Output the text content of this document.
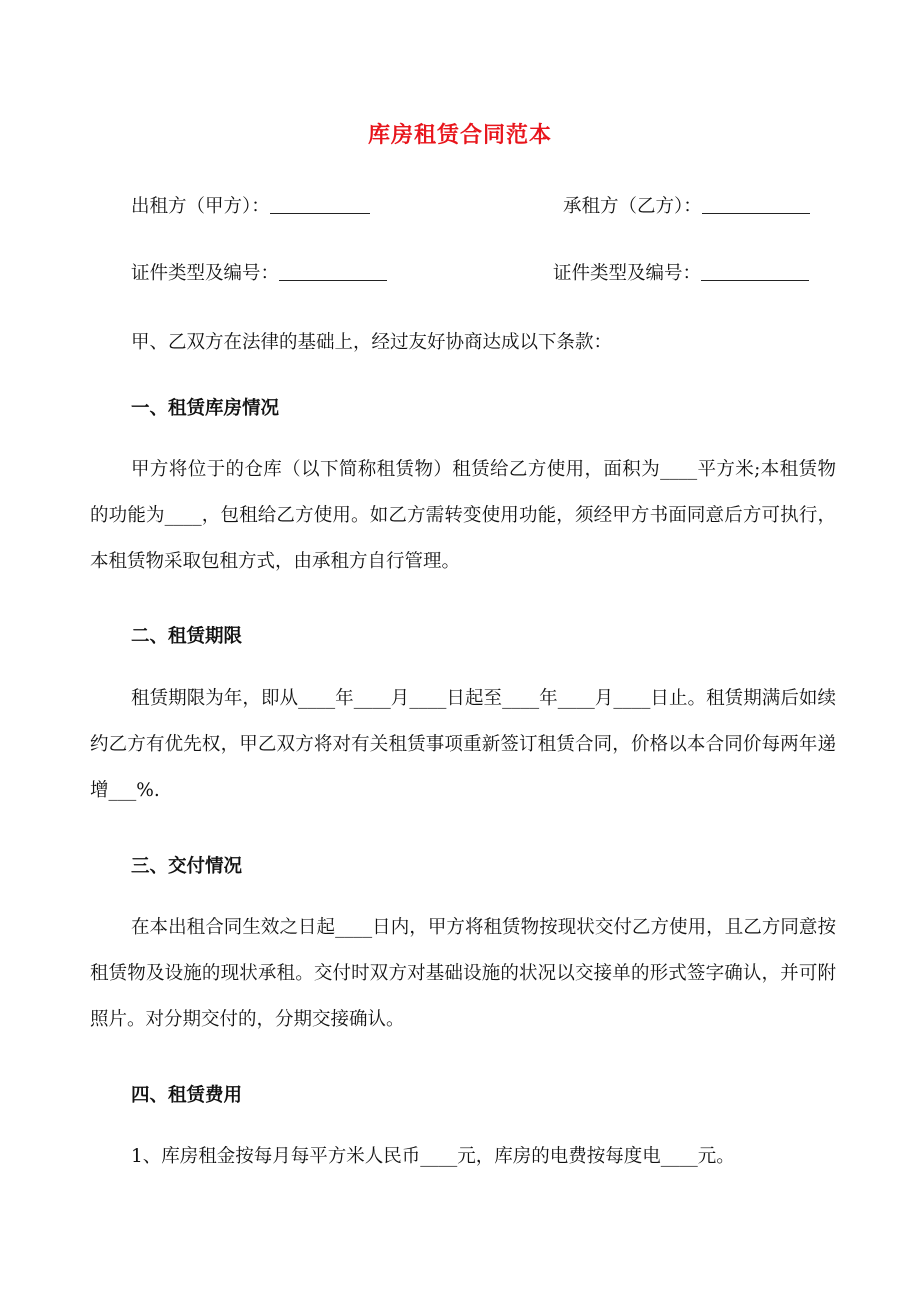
库房租赁合同范本
出租方（甲方）：	承租方（乙方）：
证件类型及编号：	证件类型及编号：
甲、乙双方在法律的基础上，经过友好协商达成以下条款：
一、租赁库房情况
甲方将位于的仓库（以下简称租赁物）租赁给乙方使用，面积为____平方米;本租赁物的功能为____，包租给乙方使用。如乙方需转变使用功能，须经甲方书面同意后方可执行，本租赁物采取包租方式，由承租方自行管理。
二、租赁期限
租赁期限为年，即从____年____月____日起至____年____月____日止。租赁期满后如续约乙方有优先权，甲乙双方将对有关租赁事项重新签订租赁合同，价格以本合同价每两年递增___%.
三、交付情况
在本出租合同生效之日起____日内，甲方将租赁物按现状交付乙方使用，且乙方同意按租赁物及设施的现状承租。交付时双方对基础设施的状况以交接单的形式签字确认，并可附照片。对分期交付的，分期交接确认。
四、租赁费用
1、库房租金按每月每平方米人民币____元，库房的电费按每度电____元。
